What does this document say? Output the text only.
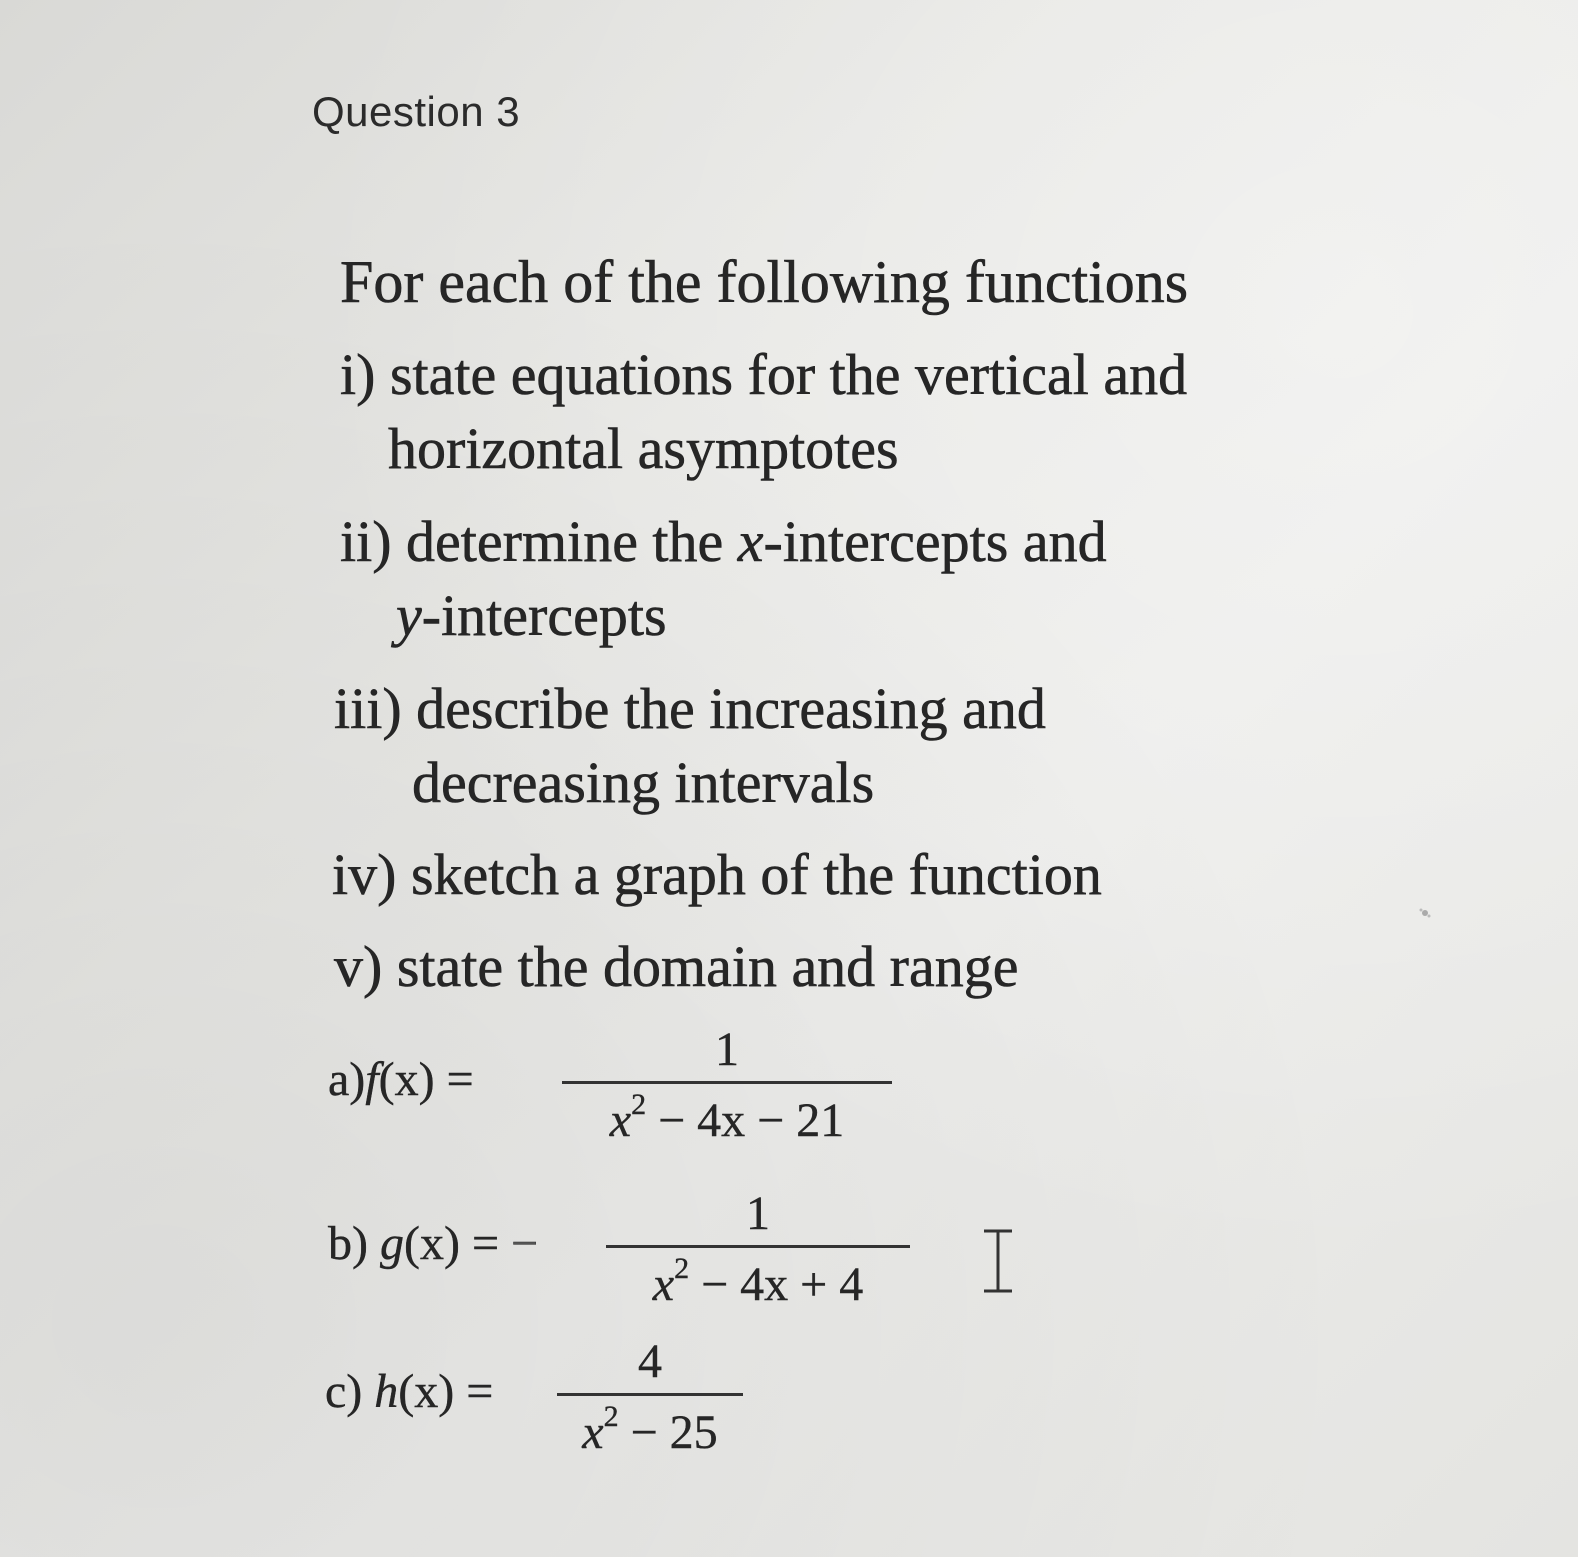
Question 3
For each of the following functions
i) state equations for the vertical and
horizontal asymptotes
ii) determine the x-intercepts and
y-intercepts
iii) describe the increasing and
decreasing intervals
iv) sketch a graph of the function
v) state the domain and range
a)f(x) =
1
$x^2 - 4x - 21$
b) g(x) = −
1
$x^2 - 4x + 4$
c) h(x) =
4
$x^2 - 25$
